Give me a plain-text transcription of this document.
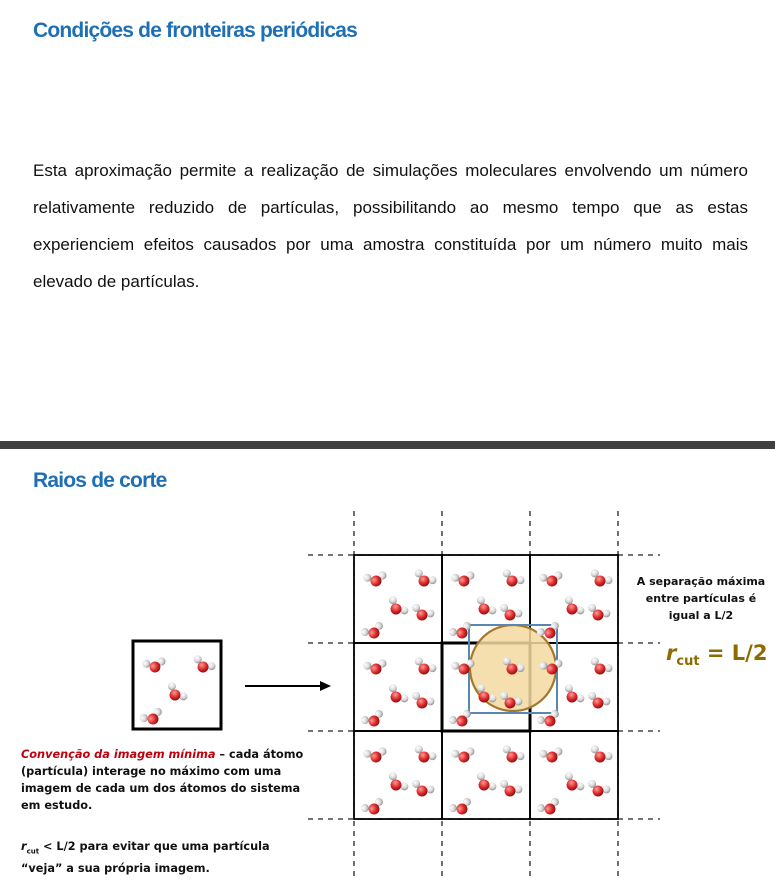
Condições de fronteiras periódicas
Esta aproximação permite a realização de simulações moleculares envolvendo um número relativamente reduzido de partículas, possibilitando ao mesmo tempo que as estas experienciem efeitos causados por uma amostra constituída por um número muito mais elevado de partículas.
Raios de corte
Convenção da imagem mínima – cada átomo (partícula) interage no máximo com uma imagem de cada um dos átomos do sistema em estudo.
$r_{cut} < L/2$ para evitar que uma partícula “veja” a sua própria imagem.
A separação máxima entre partículas é igual a L/2
$r_{cut} = L/2$
